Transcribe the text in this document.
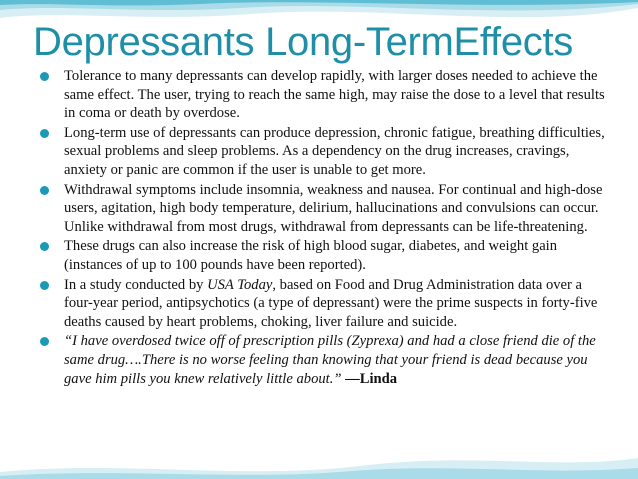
Depressants Long-TermEffects
Tolerance to many depressants can develop rapidly, with larger doses needed to achieve the same effect. The user, trying to reach the same high, may raise the dose to a level that results in coma or death by overdose.
Long-term use of depressants can produce depression, chronic fatigue, breathing difficulties, sexual problems and sleep problems. As a dependency on the drug increases, cravings, anxiety or panic are common if the user is unable to get more.
Withdrawal symptoms include insomnia, weakness and nausea. For continual and high-dose users, agitation, high body temperature, delirium, hallucinations and convulsions can occur. Unlike withdrawal from most drugs, withdrawal from depressants can be life-threatening.
These drugs can also increase the risk of high blood sugar, diabetes, and weight gain (instances of up to 100 pounds have been reported).
In a study conducted by USA Today, based on Food and Drug Administration data over a four-year period, antipsychotics (a type of depressant) were the prime suspects in forty-five deaths caused by heart problems, choking, liver failure and suicide.
“I have overdosed twice off of prescription pills (Zyprexa) and had a close friend die of the same drug….There is no worse feeling than knowing that your friend is dead because you gave him pills you knew relatively little about.” —Linda
